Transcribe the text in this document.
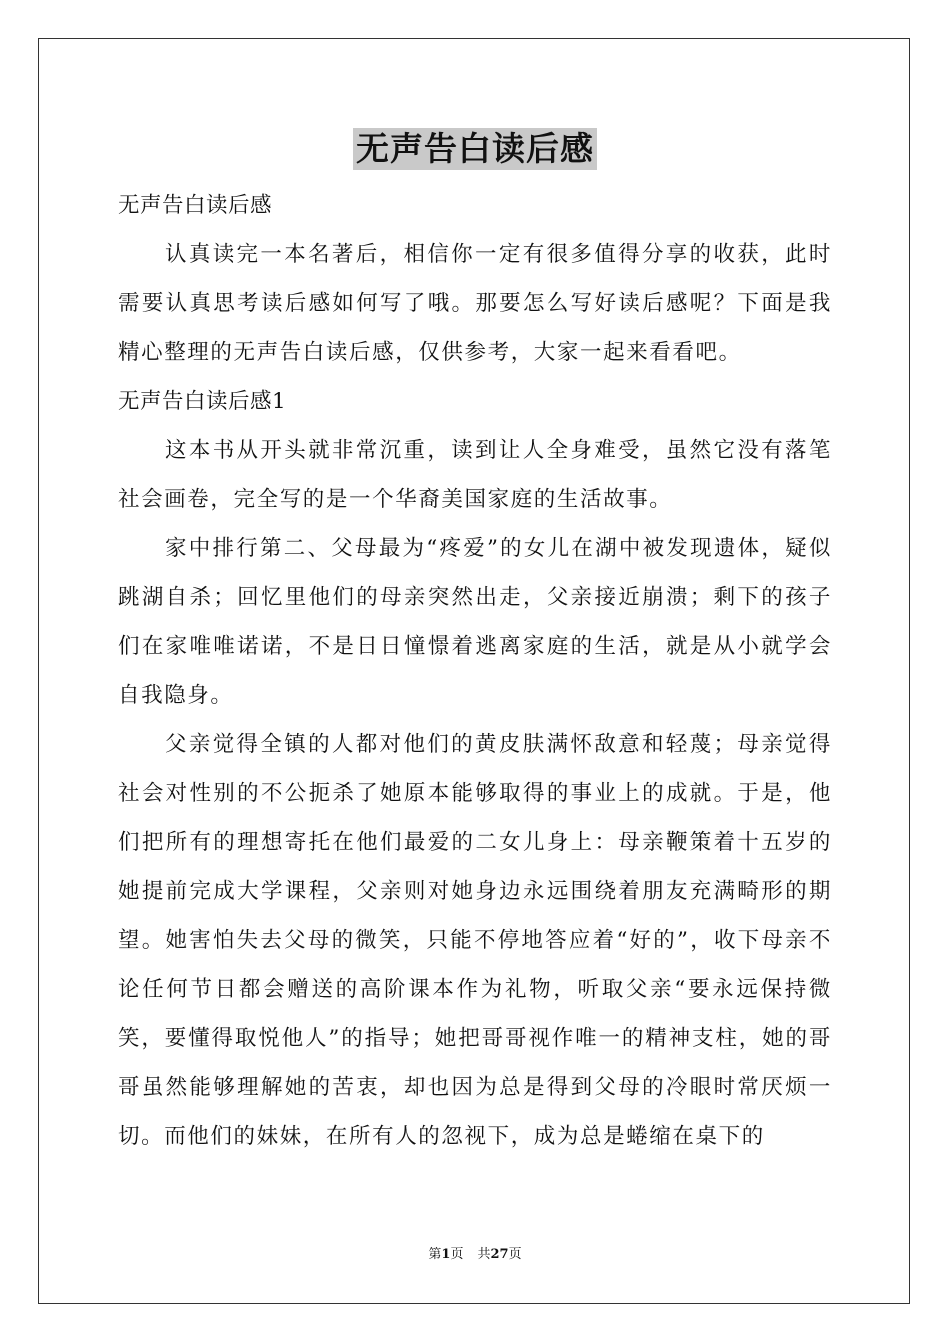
无声告白读后感

无声告白读后感

认真读完一本名著后，相信你一定有很多值得分享的收获，此时需要认真思考读后感如何写了哦。那要怎么写好读后感呢？下面是我精心整理的无声告白读后感，仅供参考，大家一起来看看吧。

无声告白读后感1

这本书从开头就非常沉重，读到让人全身难受，虽然它没有落笔社会画卷，完全写的是一个华裔美国家庭的生活故事。

家中排行第二、父母最为“疼爱”的女儿在湖中被发现遗体，疑似跳湖自杀；回忆里他们的母亲突然出走，父亲接近崩溃；剩下的孩子们在家唯唯诺诺，不是日日憧憬着逃离家庭的生活，就是从小就学会自我隐身。

父亲觉得全镇的人都对他们的黄皮肤满怀敌意和轻蔑；母亲觉得社会对性别的不公扼杀了她原本能够取得的事业上的成就。于是，他们把所有的理想寄托在他们最爱的二女儿身上：母亲鞭策着十五岁的她提前完成大学课程，父亲则对她身边永远围绕着朋友充满畸形的期望。她害怕失去父母的微笑，只能不停地答应着“好的”，收下母亲不论任何节日都会赠送的高阶课本作为礼物，听取父亲“要永远保持微笑，要懂得取悦他人”的指导；她把哥哥视作唯一的精神支柱，她的哥哥虽然能够理解她的苦衷，却也因为总是得到父母的冷眼时常厌烦一切。而他们的妹妹，在所有人的忽视下，成为总是蜷缩在桌下的

第1页 共27页
